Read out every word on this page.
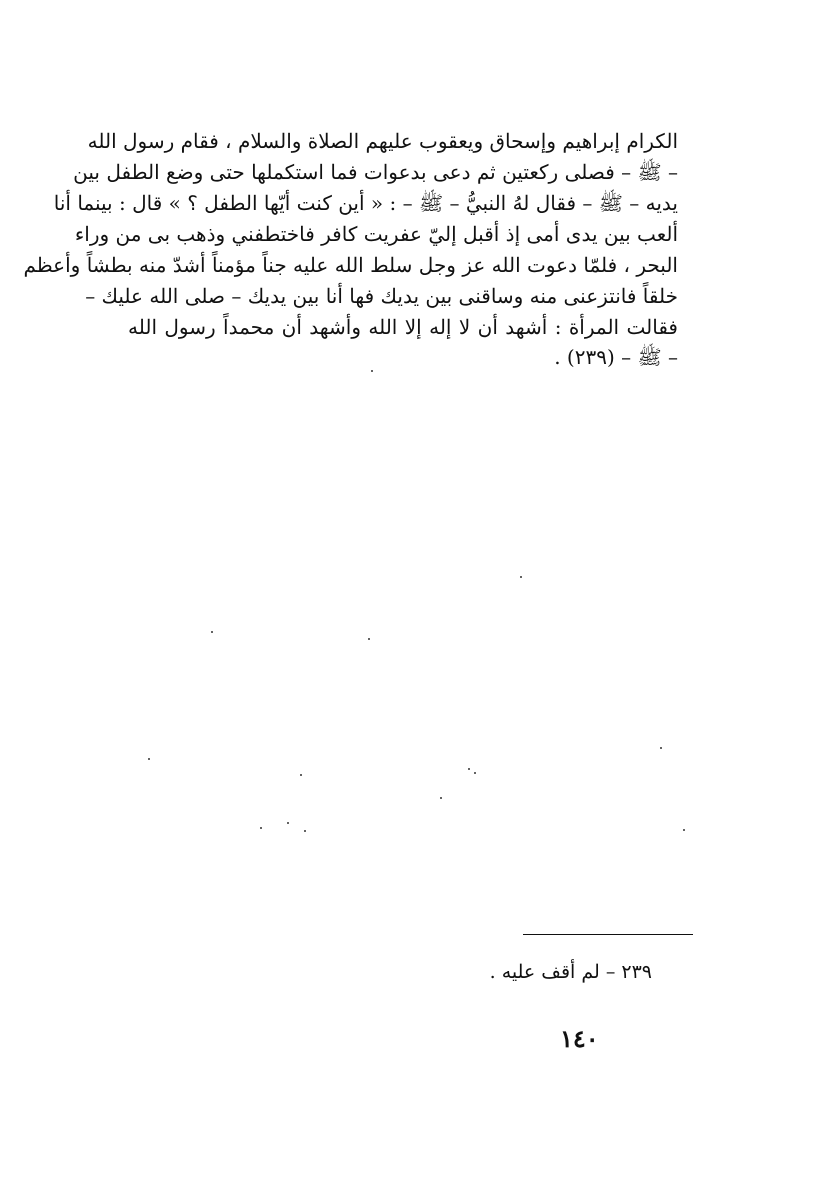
الكرام إبراهيم وإسحاق ويعقوب عليهم الصلاة والسلام ، فقام رسول الله
– ﷺ – فصلى ركعتين ثم دعى بدعوات فما استكملها حتى وضع الطفل بين
يديه – ﷺ – فقال لهُ النبيُّ – ﷺ – : « أين كنت أيّها الطفل ؟ » قال : بينما أنا
ألعب بين يدى أمى إذ أقبل إليّ عفريت كافر فاختطفني وذهب بى من وراء
البحر ، فلمّا دعوت الله عز وجل سلط الله عليه جناً مؤمناً أشدّ منه بطشاً وأعظم
خلقاً فانتزعنى منه وساقنى بين يديك فها أنا بين يديك – صلى الله عليك –
فقالت المرأة : أشهد أن لا إله إلا الله وأشهد أن محمداً رسول الله
– ﷺ – (٢٣٩) .
٢٣٩ – لم أقف عليه .
١٤٠
